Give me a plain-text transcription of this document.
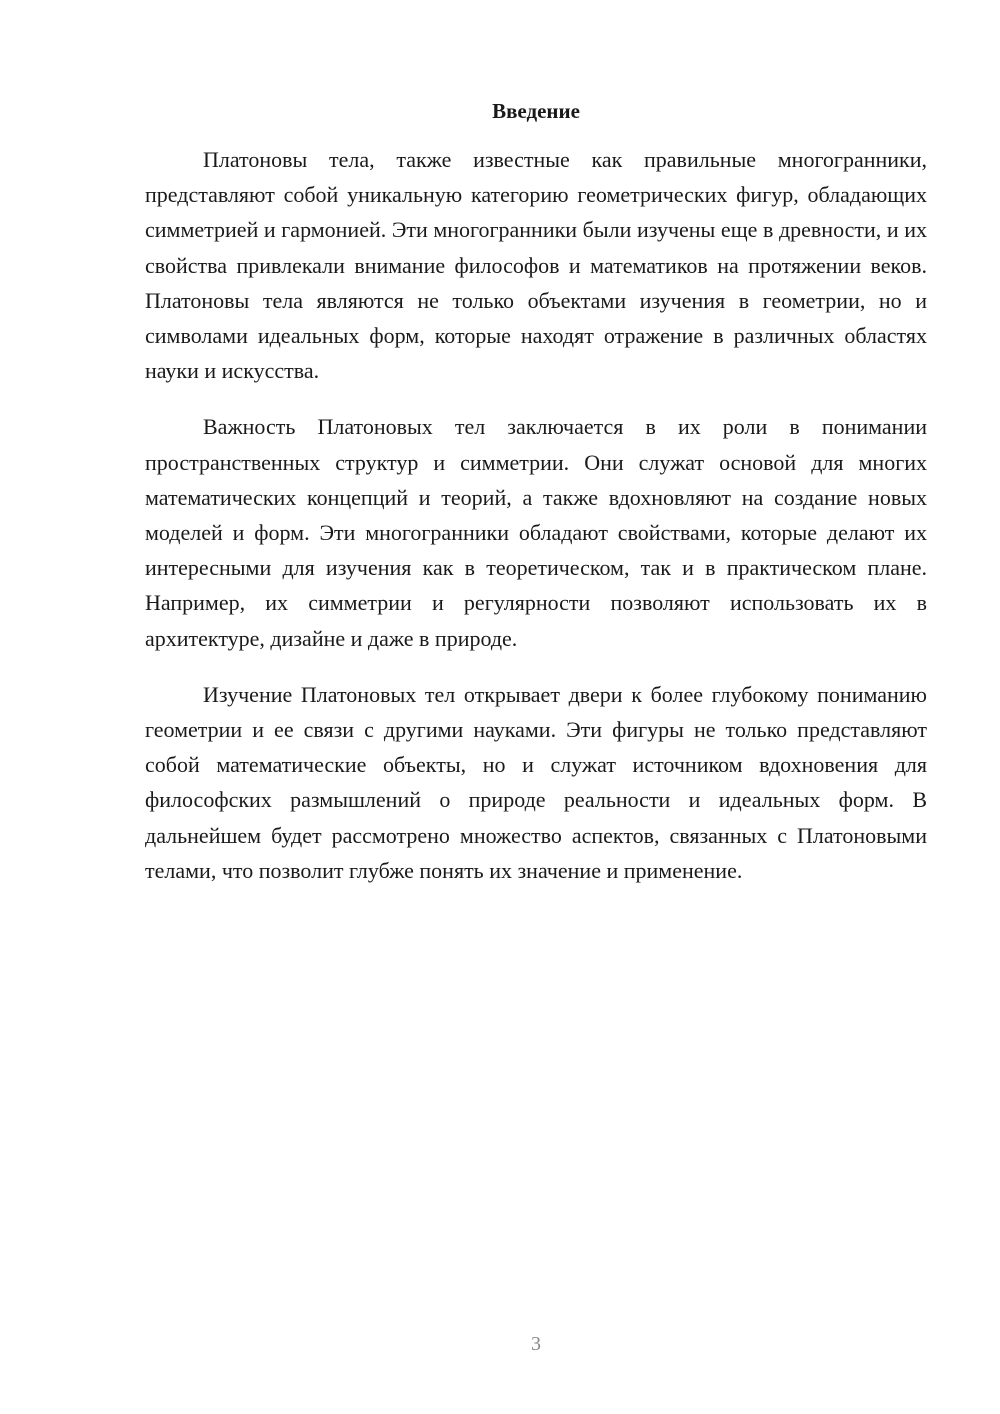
Введение

Платоновы тела, также известные как правильные многогранники, представляют собой уникальную категорию геометрических фигур, обладающих симметрией и гармонией. Эти многогранники были изучены еще в древности, и их свойства привлекали внимание философов и математиков на протяжении веков. Платоновы тела являются не только объектами изучения в геометрии, но и символами идеальных форм, которые находят отражение в различных областях науки и искусства.

Важность Платоновых тел заключается в их роли в понимании пространственных структур и симметрии. Они служат основой для многих математических концепций и теорий, а также вдохновляют на создание новых моделей и форм. Эти многогранники обладают свойствами, которые делают их интересными для изучения как в теоретическом, так и в практическом плане. Например, их симметрии и регулярности позволяют использовать их в архитектуре, дизайне и даже в природе.

Изучение Платоновых тел открывает двери к более глубокому пониманию геометрии и ее связи с другими науками. Эти фигуры не только представляют собой математические объекты, но и служат источником вдохновения для философских размышлений о природе реальности и идеальных форм. В дальнейшем будет рассмотрено множество аспектов, связанных с Платоновыми телами, что позволит глубже понять их значение и применение.

3
